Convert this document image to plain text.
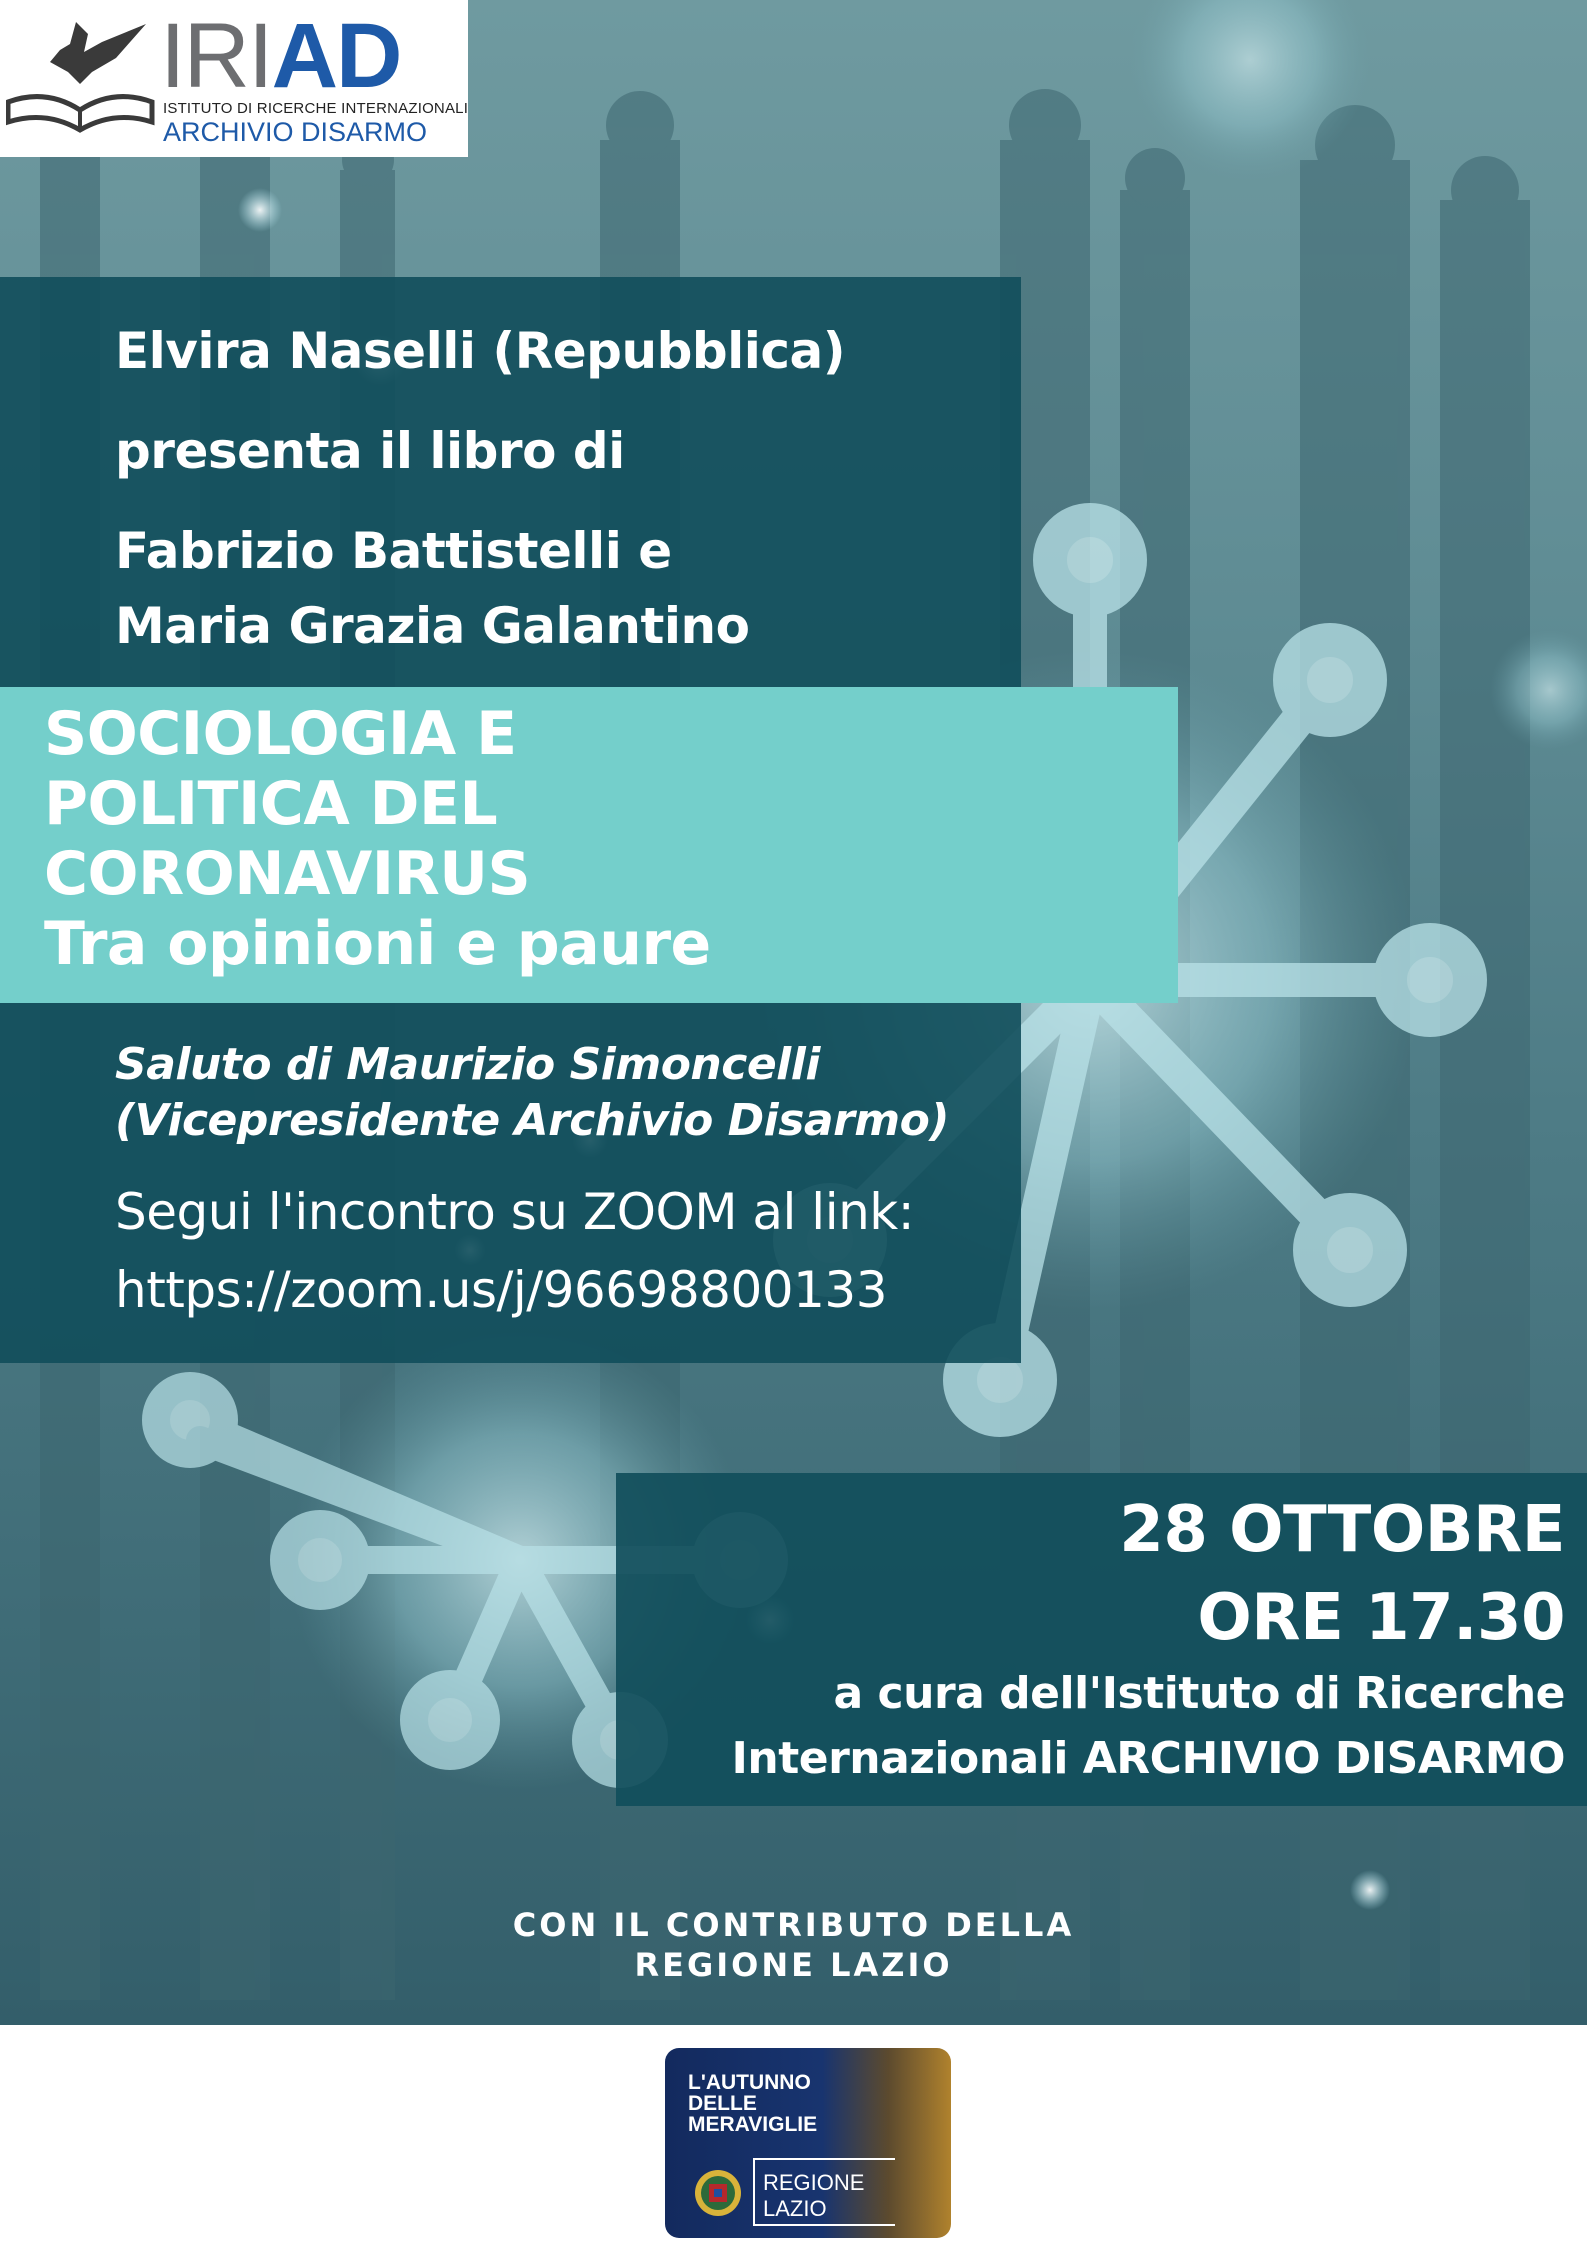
IRIAD
ISTITUTO DI RICERCHE INTERNAZIONALI
ARCHIVIO DISARMO
Elvira Naselli (Repubblica)
presenta il libro di
Fabrizio Battistelli e
Maria Grazia Galantino
SOCIOLOGIA E
POLITICA DEL
CORONAVIRUS
Tra opinioni e paure
Saluto di Maurizio Simoncelli
(Vicepresidente Archivio Disarmo)
Segui l'incontro su ZOOM al link:
https://zoom.us/j/96698800133
28 OTTOBRE
ORE 17.30
a cura dell'Istituto di Ricerche
Internazionali ARCHIVIO DISARMO
CON IL CONTRIBUTO DELLA
REGIONE LAZIO
L'AUTUNNO
DELLE
MERAVIGLIE
REGIONE
LAZIO
